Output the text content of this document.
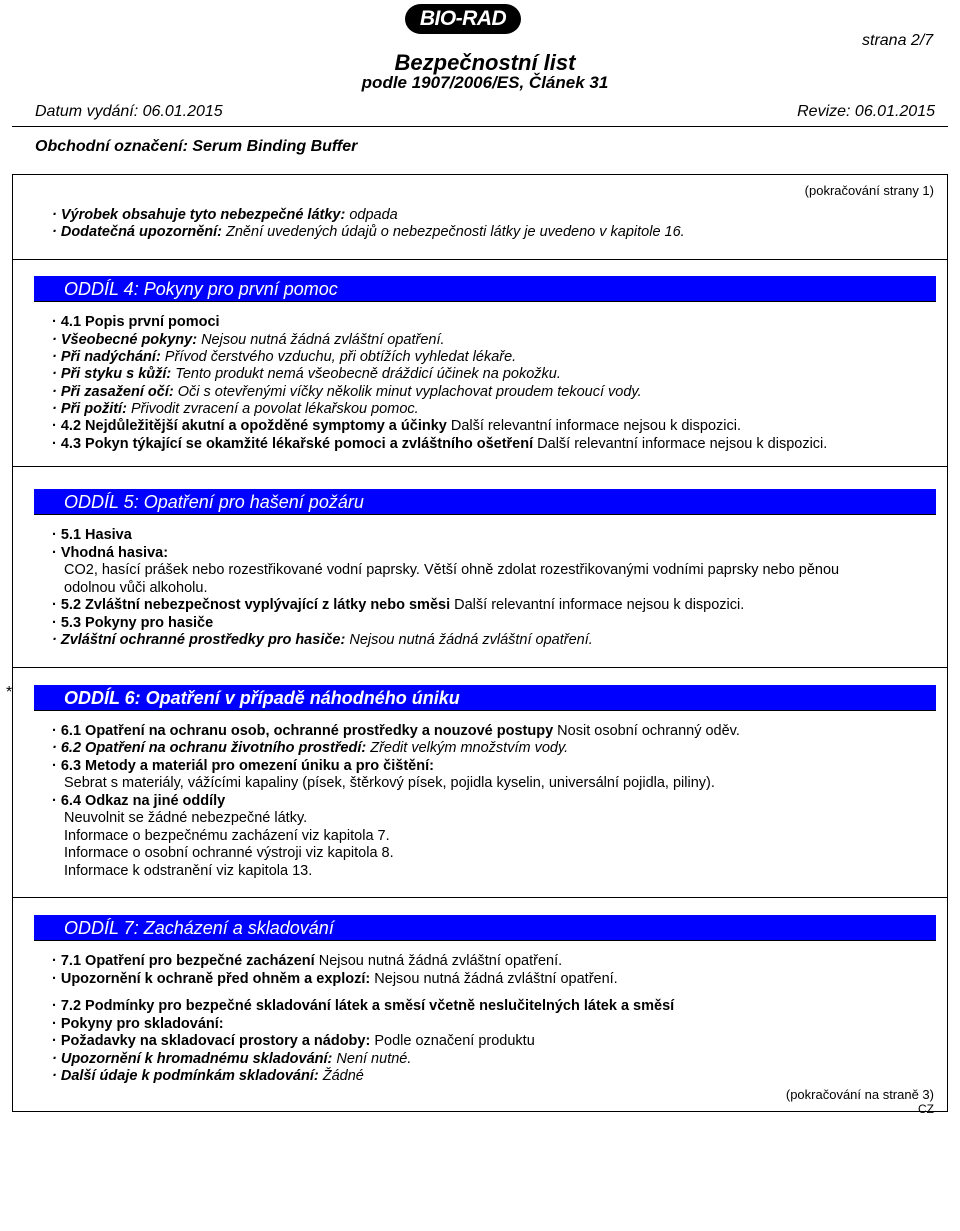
BIO-RAD
strana 2/7
Bezpečnostní list
podle 1907/2006/ES, Článek 31
Datum vydání: 06.01.2015	Revize: 06.01.2015
Obchodní označení: Serum Binding Buffer
(pokračování strany 1)
· Výrobek obsahuje tyto nebezpečné látky: odpada
· Dodatečná upozornění: Znění uvedených údajů o nebezpečnosti látky je uvedeno v kapitole 16.
ODDÍL 4: Pokyny pro první pomoc
· 4.1 Popis první pomoci
· Všeobecné pokyny: Nejsou nutná žádná zvláštní opatření.
· Při nadýchání: Přívod čerstvého vzduchu, při obtížích vyhledat lékaře.
· Při styku s kůží: Tento produkt nemá všeobecně dráždicí účinek na pokožku.
· Při zasažení očí: Oči s otevřenými víčky několik minut vyplachovat proudem tekoucí vody.
· Při požití: Přivodit zvracení a povolat lékařskou pomoc.
· 4.2 Nejdůležitější akutní a opožděné symptomy a účinky Další relevantní informace nejsou k dispozici.
· 4.3 Pokyn týkající se okamžité lékařské pomoci a zvláštního ošetření Další relevantní informace nejsou k dispozici.
ODDÍL 5: Opatření pro hašení požáru
· 5.1 Hasiva
· Vhodná hasiva:
CO2, hasící prášek nebo rozestřikované vodní paprsky. Větší ohně zdolat rozestřikovanými vodními paprsky nebo pěnou
odolnou vůči alkoholu.
· 5.2 Zvláštní nebezpečnost vyplývající z látky nebo směsi Další relevantní informace nejsou k dispozici.
· 5.3 Pokyny pro hasiče
· Zvláštní ochranné prostředky pro hasiče: Nejsou nutná žádná zvláštní opatření.
*	ODDÍL 6: Opatření v případě náhodného úniku
· 6.1 Opatření na ochranu osob, ochranné prostředky a nouzové postupy Nosit osobní ochranný oděv.
· 6.2 Opatření na ochranu životního prostředí: Zředit velkým množstvím vody.
· 6.3 Metody a materiál pro omezení úniku a pro čištění:
Sebrat s materiály, vážícími kapaliny (písek, štěrkový písek, pojidla kyselin, universální pojidla, piliny).
· 6.4 Odkaz na jiné oddíly
Neuvolnit se žádné nebezpečné látky.
Informace o bezpečnému zacházení viz kapitola 7.
Informace o osobní ochranné výstroji viz kapitola 8.
Informace k odstranění viz kapitola 13.
ODDÍL 7: Zacházení a skladování
· 7.1 Opatření pro bezpečné zacházení Nejsou nutná žádná zvláštní opatření.
· Upozornění k ochraně před ohněm a explozí: Nejsou nutná žádná zvláštní opatření.
· 7.2 Podmínky pro bezpečné skladování látek a směsí včetně neslučitelných látek a směsí
· Pokyny pro skladování:
· Požadavky na skladovací prostory a nádoby: Podle označení produktu
· Upozornění k hromadnému skladování: Není nutné.
· Další údaje k podmínkám skladování: Žádné
(pokračování na straně 3)
CZ
